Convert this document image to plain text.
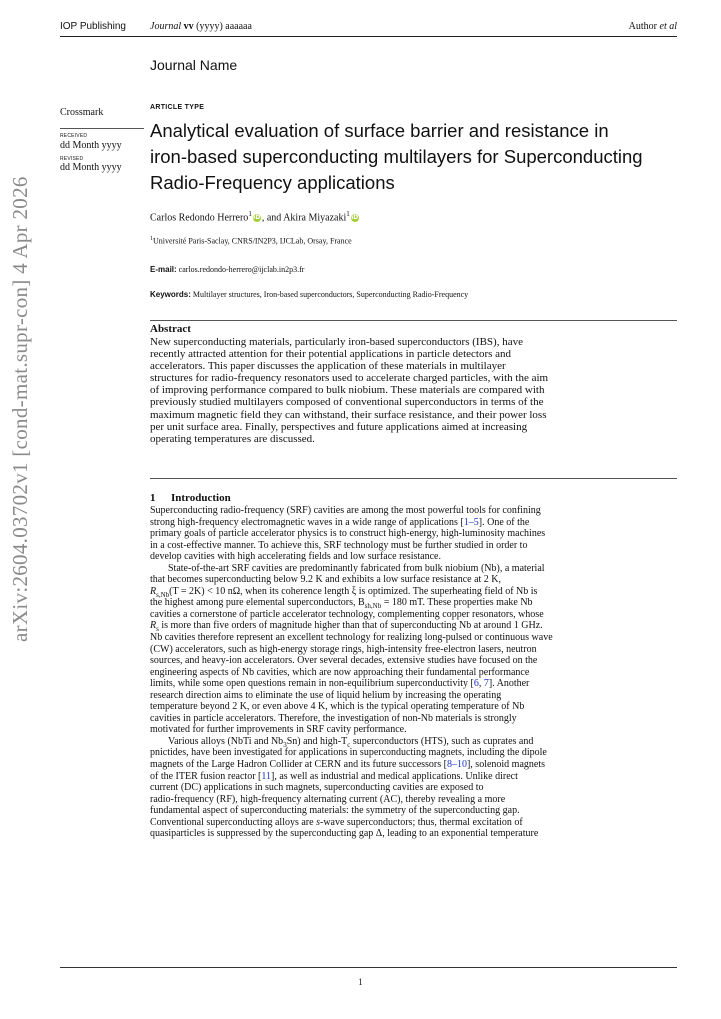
IOP Publishing Journal vv (yyyy) aaaaaa	Author et al
Journal Name
Crossmark
RECEIVED
dd Month yyyy
REVISED
dd Month yyyy
arXiv:2604.03702v1 [cond-mat.supr-con] 4 Apr 2026
ARTICLE TYPE
Analytical evaluation of surface barrier and resistance in
iron-based superconducting multilayers for Superconducting
Radio-Frequency applications
Carlos Redondo Herrero$^1$iD, and Akira Miyazaki$^1$iD
$^1$Université Paris-Saclay, CNRS/IN2P3, IJCLab, Orsay, France
E-mail: carlos.redondo-herrero@ijclab.in2p3.fr
Keywords: Multilayer structures, Iron-based superconductors, Superconducting Radio-Frequency
Abstract
New superconducting materials, particularly iron-based superconductors (IBS), have
recently attracted attention for their potential applications in particle detectors and
accelerators. This paper discusses the application of these materials in multilayer
structures for radio-frequency resonators used to accelerate charged particles, with the aim
of improving performance compared to bulk niobium. These materials are compared with
previously studied multilayers composed of conventional superconductors in terms of the
maximum magnetic field they can withstand, their surface resistance, and their power loss
per unit surface area. Finally, perspectives and future applications aimed at increasing
operating temperatures are discussed.
1 Introduction
Superconducting radio-frequency (SRF) cavities are among the most powerful tools for confining
strong high-frequency electromagnetic waves in a wide range of applications [1–5]. One of the
primary goals of particle accelerator physics is to construct high-energy, high-luminosity machines
in a cost-effective manner. To achieve this, SRF technology must be further studied in order to
develop cavities with high accelerating fields and low surface resistance.
State-of-the-art SRF cavities are predominantly fabricated from bulk niobium (Nb), a material
that becomes superconducting below 9.2 K and exhibits a low surface resistance at 2 K,
$R_{s,Nb}(T = 2K) < 10$ nΩ, when its coherence length ξ is optimized. The superheating field of Nb is
the highest among pure elemental superconductors, $B_{sh,Nb} = 180$ mT. These properties make Nb
cavities a cornerstone of particle accelerator technology, complementing copper resonators, whose
$R_s$ is more than five orders of magnitude higher than that of superconducting Nb at around 1 GHz.
Nb cavities therefore represent an excellent technology for realizing long-pulsed or continuous wave
(CW) accelerators, such as high-energy storage rings, high-intensity free-electron lasers, neutron
sources, and heavy-ion accelerators. Over several decades, extensive studies have focused on the
engineering aspects of Nb cavities, which are now approaching their fundamental performance
limits, while some open questions remain in non-equilibrium superconductivity [6, 7]. Another
research direction aims to eliminate the use of liquid helium by increasing the operating
temperature beyond 2 K, or even above 4 K, which is the typical operating temperature of Nb
cavities in particle accelerators. Therefore, the investigation of non-Nb materials is strongly
motivated for further improvements in SRF cavity performance.
Various alloys (NbTi and $Nb_3Sn$) and high-$T_c$ superconductors (HTS), such as cuprates and
pnictides, have been investigated for applications in superconducting magnets, including the dipole
magnets of the Large Hadron Collider at CERN and its future successors [8–10], solenoid magnets
of the ITER fusion reactor [11], as well as industrial and medical applications. Unlike direct
current (DC) applications in such magnets, superconducting cavities are exposed to
radio-frequency (RF), high-frequency alternating current (AC), thereby revealing a more
fundamental aspect of superconducting materials: the symmetry of the superconducting gap.
Conventional superconducting alloys are s-wave superconductors; thus, thermal excitation of
quasiparticles is suppressed by the superconducting gap Δ, leading to an exponential temperature
1
